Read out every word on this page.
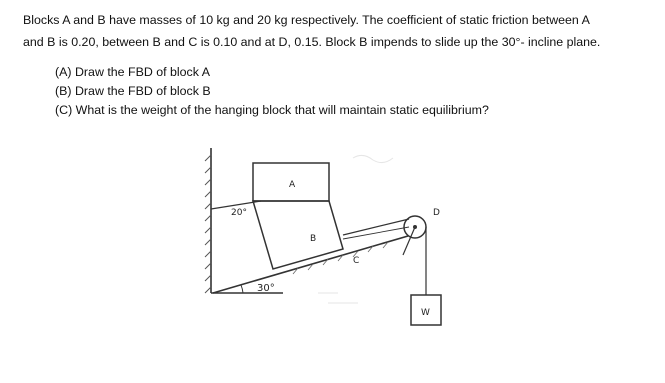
Blocks A and B have masses of 10 kg and 20 kg respectively. The coefficient of static friction between A
and B is 0.20, between B and C is 0.10 and at D, 0.15. Block B impends to slide up the 30°- incline plane.
(A) Draw the FBD of block A
(B) Draw the FBD of block B
(C) What is the weight of the hanging block that will maintain static equilibrium?
30°
A
20°
B
C
D
W
